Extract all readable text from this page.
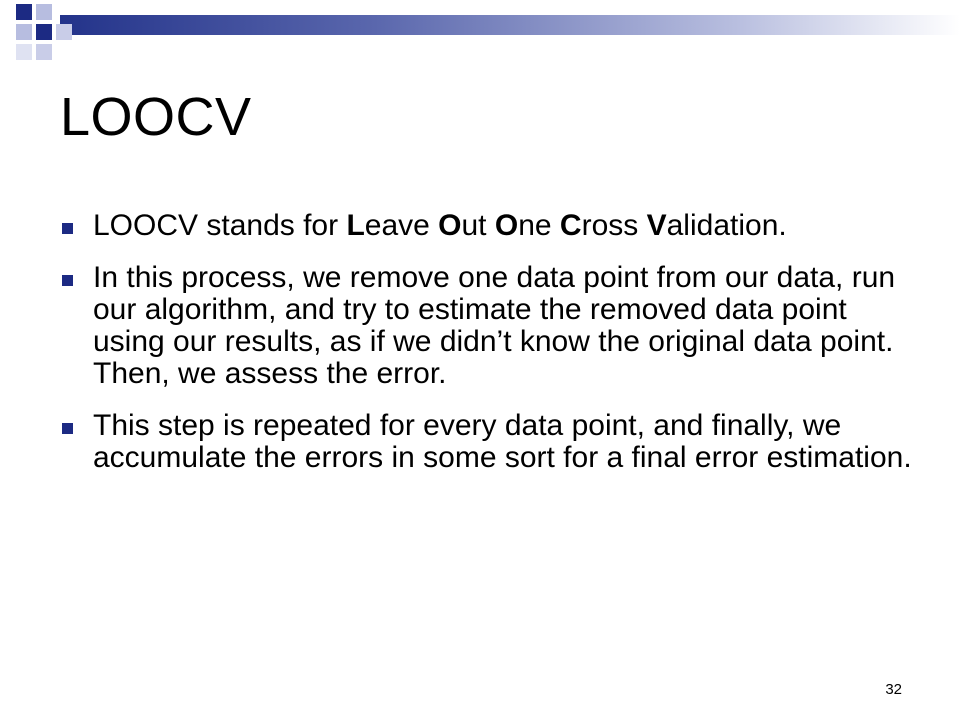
LOOCV
LOOCV stands for Leave Out One Cross Validation.
In this process, we remove one data point from our data, run our algorithm, and try to estimate the removed data point using our results, as if we didn’t know the original data point. Then, we assess the error.
This step is repeated for every data point, and finally, we accumulate the errors in some sort for a final error estimation.
32
